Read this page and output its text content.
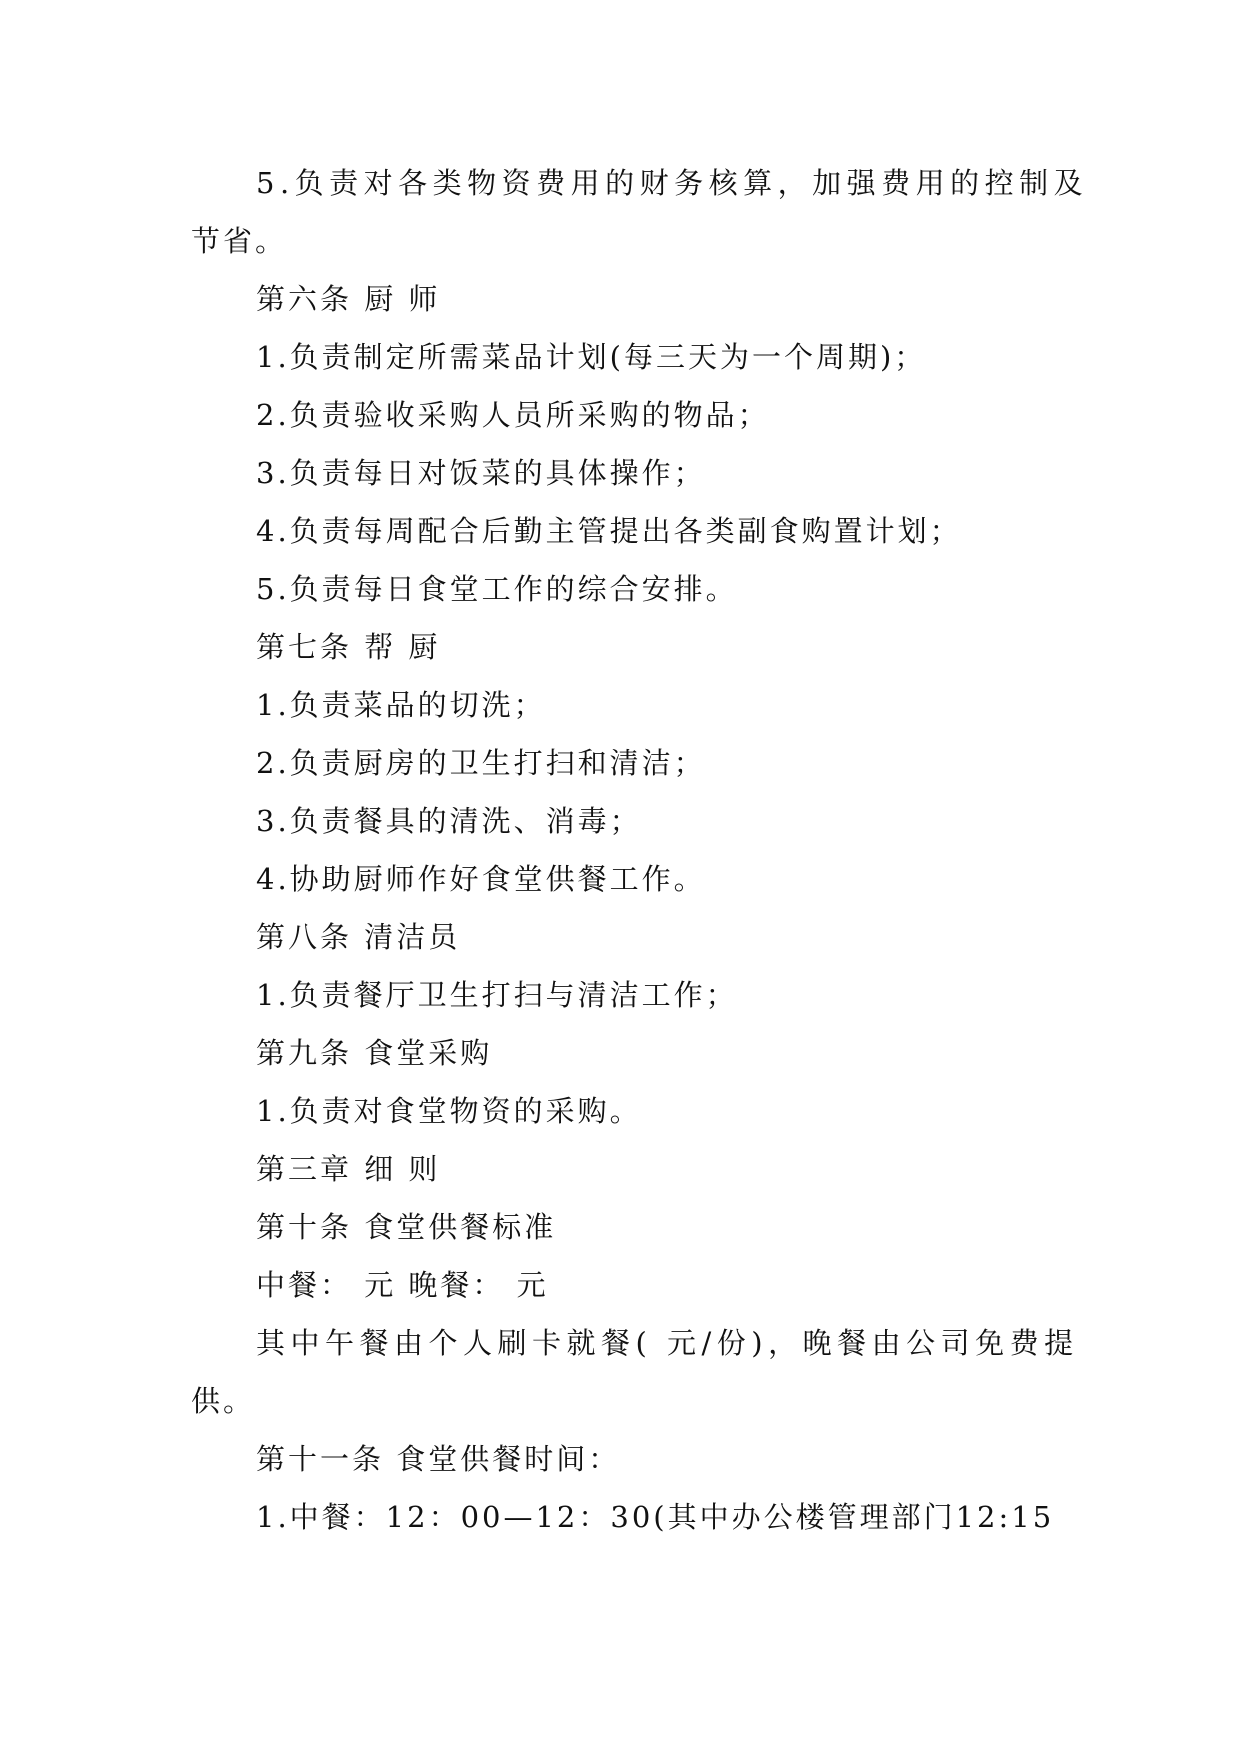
5.负责对各类物资费用的财务核算，加强费用的控制及
节省。
第六条 厨 师
1.负责制定所需菜品计划(每三天为一个周期)；
2.负责验收采购人员所采购的物品；
3.负责每日对饭菜的具体操作；
4.负责每周配合后勤主管提出各类副食购置计划；
5.负责每日食堂工作的综合安排。
第七条 帮 厨
1.负责菜品的切洗；
2.负责厨房的卫生打扫和清洁；
3.负责餐具的清洗、消毒；
4.协助厨师作好食堂供餐工作。
第八条 清洁员
1.负责餐厅卫生打扫与清洁工作；
第九条 食堂采购
1.负责对食堂物资的采购。
第三章 细 则
第十条 食堂供餐标准
中餐： 元 晚餐： 元
其中午餐由个人刷卡就餐( 元/份)，晚餐由公司免费提
供。
第十一条 食堂供餐时间：
1.中餐：12：00—12：30(其中办公楼管理部门12:15
